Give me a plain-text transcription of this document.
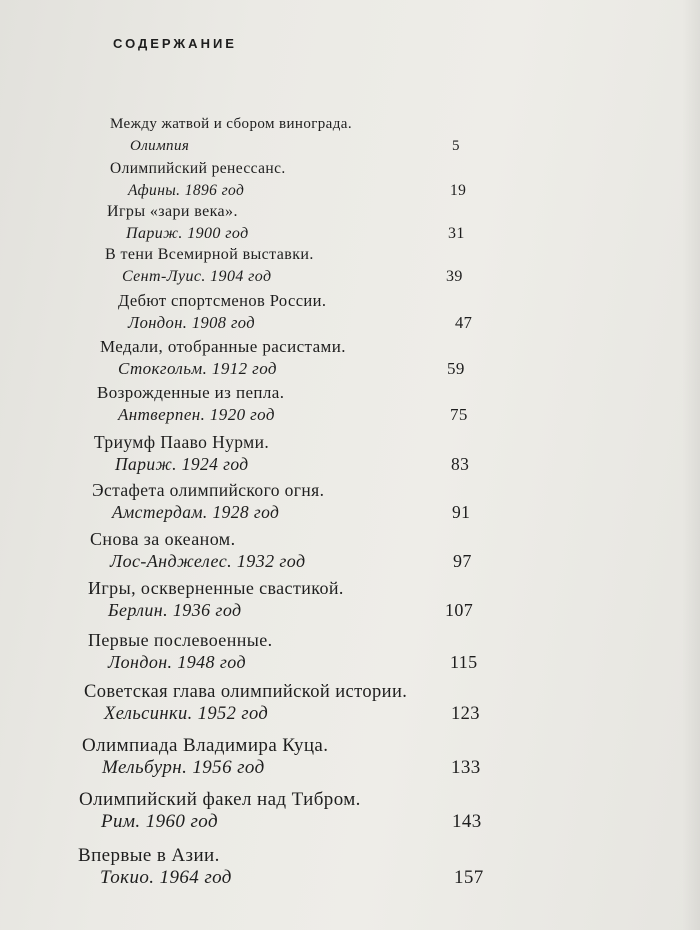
СОДЕРЖАНИЕ
Между жатвой и сбором винограда.
Олимпия	5
Олимпийский ренессанс.
Афины. 1896 год	19
Игры «зари века».
Париж. 1900 год	31
В тени Всемирной выставки.
Сент-Луис. 1904 год	39
Дебют спортсменов России.
Лондон. 1908 год	47
Медали, отобранные расистами.
Стокгольм. 1912 год	59
Возрожденные из пепла.
Антверпен. 1920 год	75
Триумф Пааво Нурми.
Париж. 1924 год	83
Эстафета олимпийского огня.
Амстердам. 1928 год	91
Снова за океаном.
Лос-Анджелес. 1932 год	97
Игры, оскверненные свастикой.
Берлин. 1936 год	107
Первые послевоенные.
Лондон. 1948 год	115
Советская глава олимпийской истории.
Хельсинки. 1952 год	123
Олимпиада Владимира Куца.
Мельбурн. 1956 год	133
Олимпийский факел над Тибром.
Рим. 1960 год	143
Впервые в Азии.
Токио. 1964 год	157
